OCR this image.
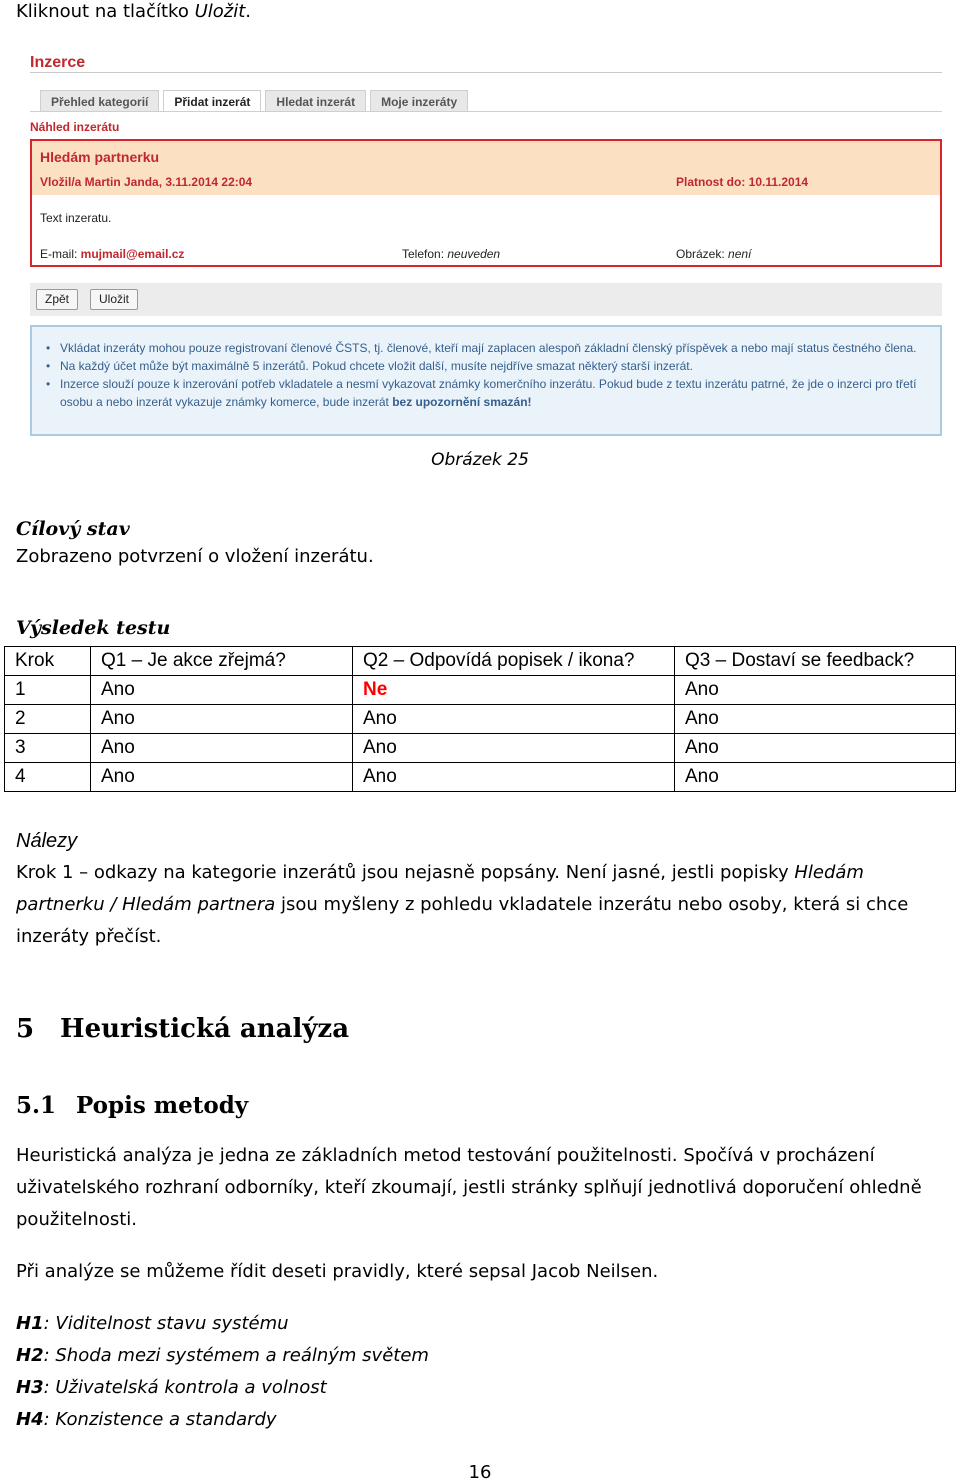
Kliknout na tlačítko Uložit.
Inzerce
Přehled kategorií	Přidat inzerát	Hledat inzerát	Moje inzeráty
Náhled inzerátu
Hledám partnerku
Vložil/a Martin Janda, 3.11.2014 22:04	Platnost do: 10.11.2014
Text inzeratu.
E-mail: mujmail@email.cz	Telefon: neuveden	Obrázek: není
Zpět	Uložit
• Vkládat inzeráty mohou pouze registrovaní členové ČSTS, tj. členové, kteří mají zaplacen alespoň základní členský příspěvek a nebo mají status čestného člena.
• Na každý účet může být maximálně 5 inzerátů. Pokud chcete vložit další, musíte nejdříve smazat některý starší inzerát.
• Inzerce slouží pouze k inzerování potřeb vkladatele a nesmí vykazovat známky komerčního inzerátu. Pokud bude z textu inzerátu patrné, že jde o inzerci pro třetí osobu a nebo inzerát vykazuje známky komerce, bude inzerát bez upozornění smazán!
Obrázek 25
Cílový stav
Zobrazeno potvrzení o vložení inzerátu.
Výsledek testu
Krok	Q1 – Je akce zřejmá?	Q2 – Odpovídá popisek / ikona?	Q3 – Dostaví se feedback?
1	Ano	Ne	Ano
2	Ano	Ano	Ano
3	Ano	Ano	Ano
4	Ano	Ano	Ano
Nálezy
Krok 1 – odkazy na kategorie inzerátů jsou nejasně popsány. Není jasné, jestli popisky Hledám partnerku / Hledám partnera jsou myšleny z pohledu vkladatele inzerátu nebo osoby, která si chce inzeráty přečíst.
5 Heuristická analýza
5.1 Popis metody
Heuristická analýza je jedna ze základních metod testování použitelnosti. Spočívá v procházení uživatelského rozhraní odborníky, kteří zkoumají, jestli stránky splňují jednotlivá doporučení ohledně použitelnosti.
Při analýze se můžeme řídit deseti pravidly, které sepsal Jacob Neilsen.
H1: Viditelnost stavu systému
H2: Shoda mezi systémem a reálným světem
H3: Uživatelská kontrola a volnost
H4: Konzistence a standardy
16
